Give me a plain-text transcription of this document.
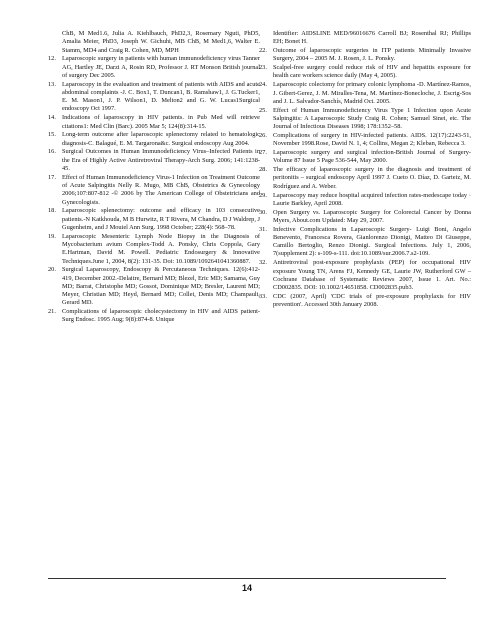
ChB, M Med1.6, Julia A. Kiehlbauch, PhD2,3, Rosemary Nguti, PhD5, Amalia Meier, PhD3, Joseph W. Gichuhi, MB ChB, M Med1,6, Walter E. Stamm, MD4 and Craig R. Cohen, MD, MPH
12. Laparoscopic surgery in patients with human immunodeficiency virus Tanner AG, Hartley JE, Darzi A, Rosin RD, Professor J. RT Monson British journal of surgery Dec 2005.
13. Laparoscopy in the evaluation and treatment of patients with AIDS and acute abdominal complaints -J. C. Box1, T. Duncan1, B. Ramshaw1, J. G.Tucker1, E. M. Mason1, J. P. Wilson1, D. Melton2 and G. W. Lucas1Surgical endoscopy Oct 1997.
14. Indications of laparoscopy in HIV patients. in Pub Med will retrieve citations1: Med Clin (Barc). 2005 Mar 5; 124(8):314-15.
15. Long-term outcome after laparoscopic splenectomy related to hematologic diagnosis-C. Balagué, E. M. Targarona&c. Surgical endoscopy Aug 2004.
16. Surgical Outcomes in Human Immunodeficiency Virus–Infected Patients in the Era of Highly Active Antiretroviral Therapy-Arch Surg. 2006; 141:1238-45.
17. Effect of Human Immunodeficiency Virus-1 Infection on Treatment Outcome of Acute Salpingitis Nelly R. Mugo, MB ChB, Obstetrics & Gynecology 2006;107:807-812 -© 2006 by The American College of Obstetricians and Gynecologists.
18. Laparoscopic splenectomy: outcome and efficacy in 103 consecutive patients.-N Katkhouda, M B Hurwitz, R T Rivera, M Chandra, D J Waldrep, J Gugenheim, and J Mouiel Ann Surg. 1998 October; 228(4): 568–78.
19. Laparoscopic Mesenteric Lymph Node Biopsy in the Diagnosis of Mycobacterium avium Complex-Todd A. Ponsky, Chris Coppola, Gary E.Hartman, David M. Powell. Pediatric Endosurgery & Innovative Techniques.June 1, 2004, 8(2): 131-35. Doi: 10.1089/1092641041360887.
20. Surgical Laparoscopy, Endoscopy & Percutaneous Techniques. 12(6):412- 419, December 2002.-Delaitre, Bernard MD; Blezel, Eric MD; Samama, Guy MD; Barrat, Christophe MD; Gossot, Dominique MD; Bresler, Laurent MD; Meyer, Christian MD; Heyd, Bernard MD; Collet, Denis MD; Champault, Gerard MD.
21. Complications of laparoscopic cholecystectomy in HIV and AIDS patient-Surg Endosc. 1995 Aug; 9(8):874-8. Unique
Identifier: AIDSLINE MED/96016676 Carroll BJ; Rosenthal RJ; Phillips EH; Bonet H.
22. Outcome of laparoscopic surgeries in ITP patients Minimally Invasive Surgery, 2004 – 2005 M. J. Rosen, J. L. Ponsky.
23. Scalpel-free surgery could reduce risk of HIV and hepatitis exposure for health care workers science daily (May 4, 2005).
24. Laparoscopic colectomy for primary colonic lymphoma -D. Martínez-Ramos, J. Gibert-Gerez, J. M. Miralles-Tena, M. Martínez-Bonecloche, J. Escrig-Sos and J. L. Salvador-Sanchís, Madrid Oct. 2005.
25. Effect of Human Immunodeficiency Virus Type 1 Infection upon Acute Salpingitis: A Laparoscopic Study Craig R. Cohen; Samuel Sinei, etc. The Journal of Infectious Diseases 1998; 178:1352–58.
26. Complications of surgery in HIV-infected patients. AIDS. 12(17):2243-51, November 1998.Rose, David N. 1, 4; Collins, Megan 2; Kleban, Rebecca 3.
27. Laparoscopic surgery and surgical infection-British Journal of Surgery-Volume 87 Issue 5 Page 536-544, May 2000.
28. The efficacy of laparoscopic surgery in the diagnosis and treatment of peritonitis – surgical endoscopy April 1997 J. Cueto O. Díaz, D. Garteiz, M. Rodríguez and A. Weber.
29. Laparoscopy may reduce hospital acquired infection rates-medescape today · Laurie Barkley, April 2008.
30. Open Surgery vs. Laparoscopic Surgery for Colorectal Cancer by Donna Myers, About.com Updated: May 29, 2007.
31. Infective Complications in Laparoscopic Surgery- Luigi Boni, Angelo Benevento, Francesca Rovera, Gianlorenzo Dionigi, Matteo Di Giuseppe, Camillo Bertoglio, Renzo Dionigi. Surgical Infections. July 1, 2006, 7(supplement 2): s-109-s-111. doi:10.1089/sur.2006.7.s2-109.
32. Antiretroviral post-exposure prophylaxis (PEP) for occupational HIV exposure Young TN, Arens FJ, Kennedy GE, Laurie JW, Rutherford GW –Cochrane Database of Systematic Reviews 2007, Issue 1. Art. No.: CD002835. DOI: 10.1002/14651858. CD002835.pub3.
33. CDC (2007, April) 'CDC trials of pre-exposure prophylaxis for HIV prevention'. Accessed 30th January 2008.
14
